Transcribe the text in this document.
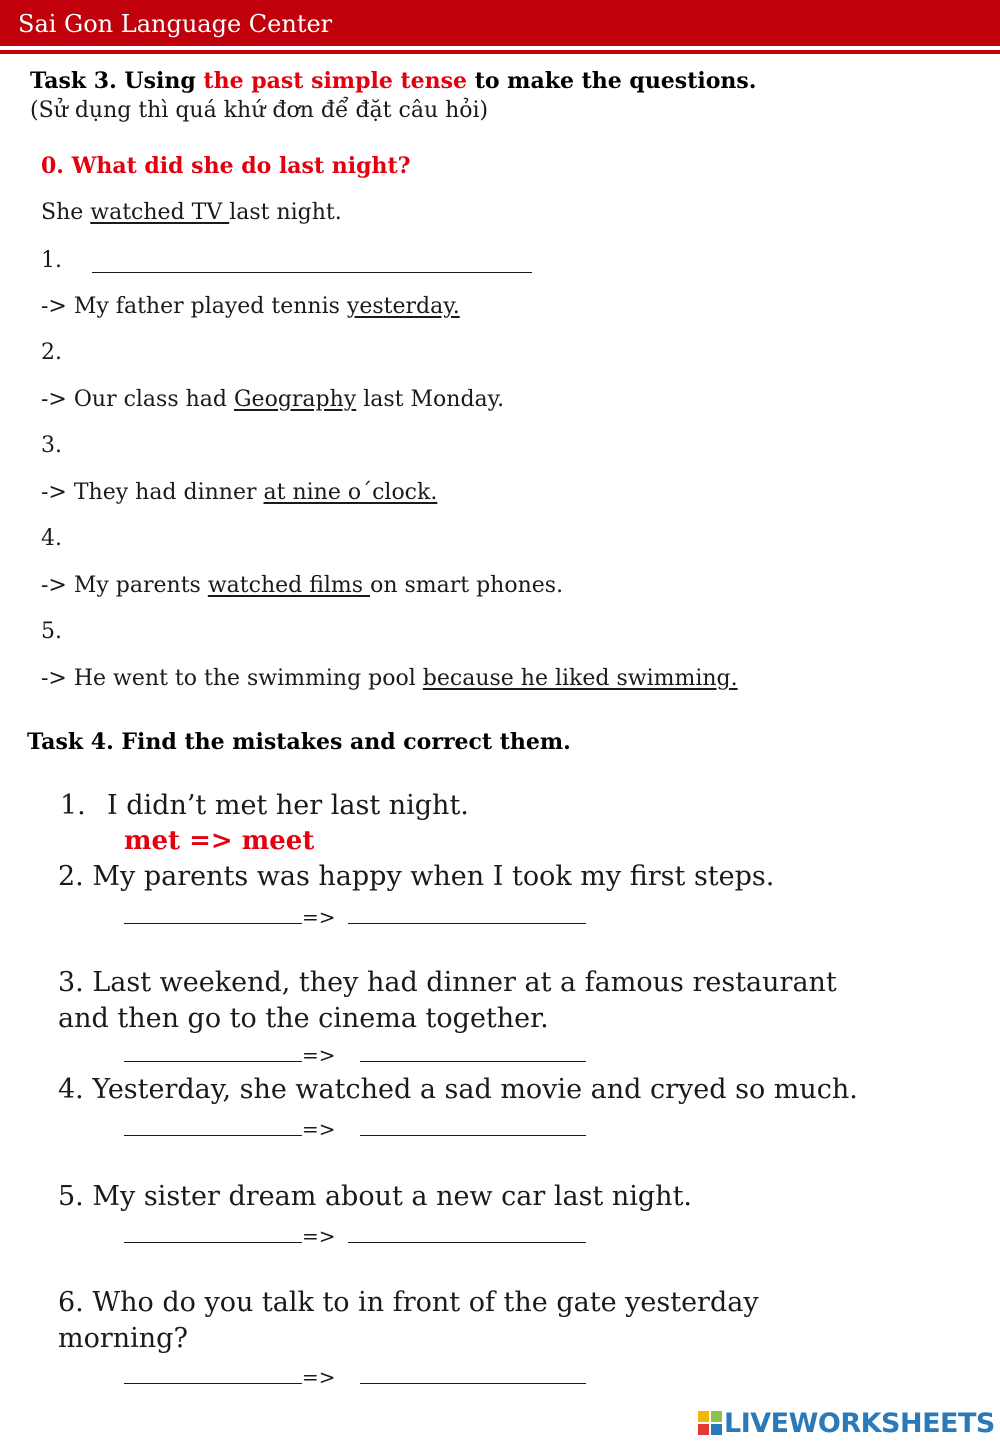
Sai Gon Language Center
Task 3. Using the past simple tense to make the questions.
(Sử dụng thì quá khứ đơn để đặt câu hỏi)
0. What did she do last night?
She watched TV last night.
1.
-> My father played tennis yesterday.
2.
-> Our class had Geography last Monday.
3.
-> They had dinner at nine o´clock.
4.
-> My parents watched films on smart phones.
5.
-> He went to the swimming pool because he liked swimming.
Task 4. Find the mistakes and correct them.
1. I didn’t met her last night.
met => meet
2. My parents was happy when I took my first steps.
=>
3. Last weekend, they had dinner at a famous restaurant
and then go to the cinema together.
=>
4. Yesterday, she watched a sad movie and cryed so much.
=>
5. My sister dream about a new car last night.
=>
6. Who do you talk to in front of the gate yesterday
morning?
=>
LIVEWORKSHEETS
